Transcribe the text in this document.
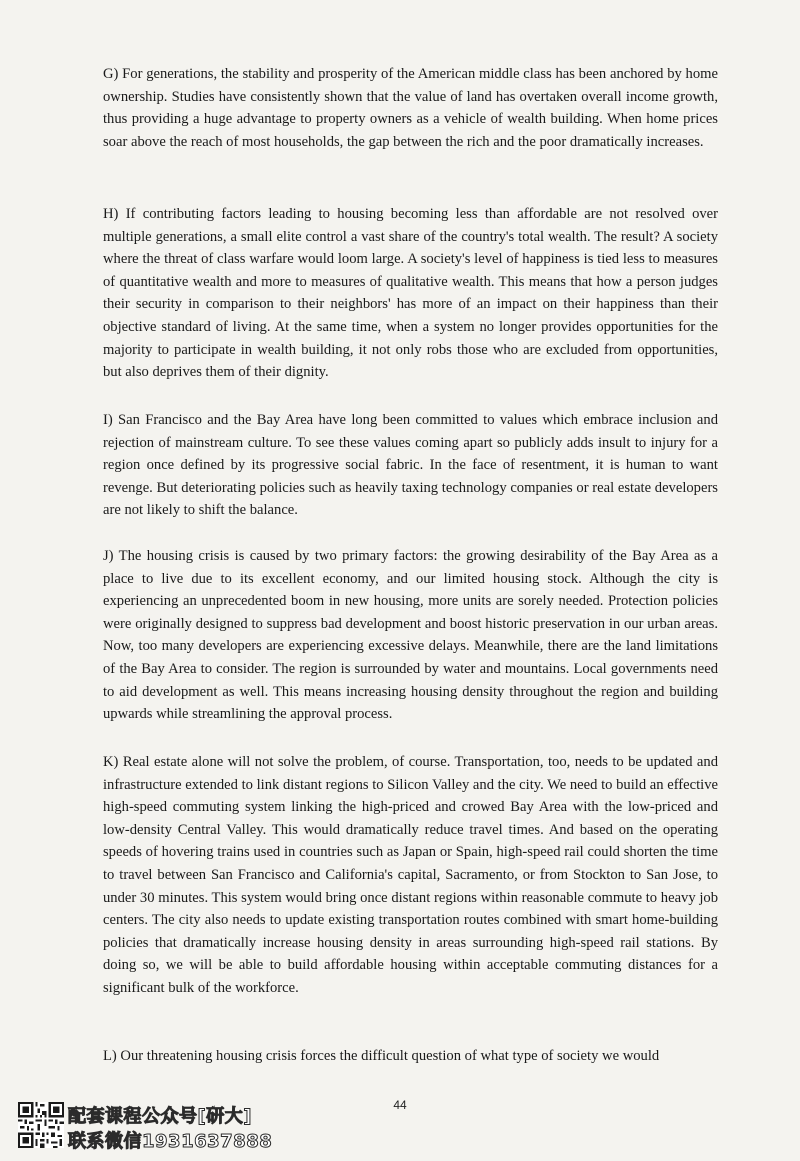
G) For generations, the stability and prosperity of the American middle class has been anchored by home ownership. Studies have consistently shown that the value of land has overtaken overall income growth, thus providing a huge advantage to property owners as a vehicle of wealth building. When home prices soar above the reach of most households, the gap between the rich and the poor dramatically increases.

H) If contributing factors leading to housing becoming less than affordable are not resolved over multiple generations, a small elite control a vast share of the country's total wealth. The result? A society where the threat of class warfare would loom large. A society's level of happiness is tied less to measures of quantitative wealth and more to measures of qualitative wealth. This means that how a person judges their security in comparison to their neighbors' has more of an impact on their happiness than their objective standard of living. At the same time, when a system no longer provides opportunities for the majority to participate in wealth building, it not only robs those who are excluded from opportunities, but also deprives them of their dignity.

I) San Francisco and the Bay Area have long been committed to values which embrace inclusion and rejection of mainstream culture. To see these values coming apart so publicly adds insult to injury for a region once defined by its progressive social fabric. In the face of resentment, it is human to want revenge. But deteriorating policies such as heavily taxing technology companies or real estate developers are not likely to shift the balance.

J) The housing crisis is caused by two primary factors: the growing desirability of the Bay Area as a place to live due to its excellent economy, and our limited housing stock. Although the city is experiencing an unprecedented boom in new housing, more units are sorely needed. Protection policies were originally designed to suppress bad development and boost historic preservation in our urban areas. Now, too many developers are experiencing excessive delays. Meanwhile, there are the land limitations of the Bay Area to consider. The region is surrounded by water and mountains. Local governments need to aid development as well. This means increasing housing density throughout the region and building upwards while streamlining the approval process.

K) Real estate alone will not solve the problem, of course. Transportation, too, needs to be updated and infrastructure extended to link distant regions to Silicon Valley and the city. We need to build an effective high-speed commuting system linking the high-priced and crowed Bay Area with the low-priced and low-density Central Valley. This would dramatically reduce travel times. And based on the operating speeds of hovering trains used in countries such as Japan or Spain, high-speed rail could shorten the time to travel between San Francisco and California's capital, Sacramento, or from Stockton to San Jose, to under 30 minutes. This system would bring once distant regions within reasonable commute to heavy job centers. The city also needs to update existing transportation routes combined with smart home-building policies that dramatically increase housing density in areas surrounding high-speed rail stations. By doing so, we will be able to build affordable housing within acceptable commuting distances for a significant bulk of the workforce.

L) Our threatening housing crisis forces the difficult question of what type of society we would

44
配套课程公众号[研大]
联系微信1931637888
